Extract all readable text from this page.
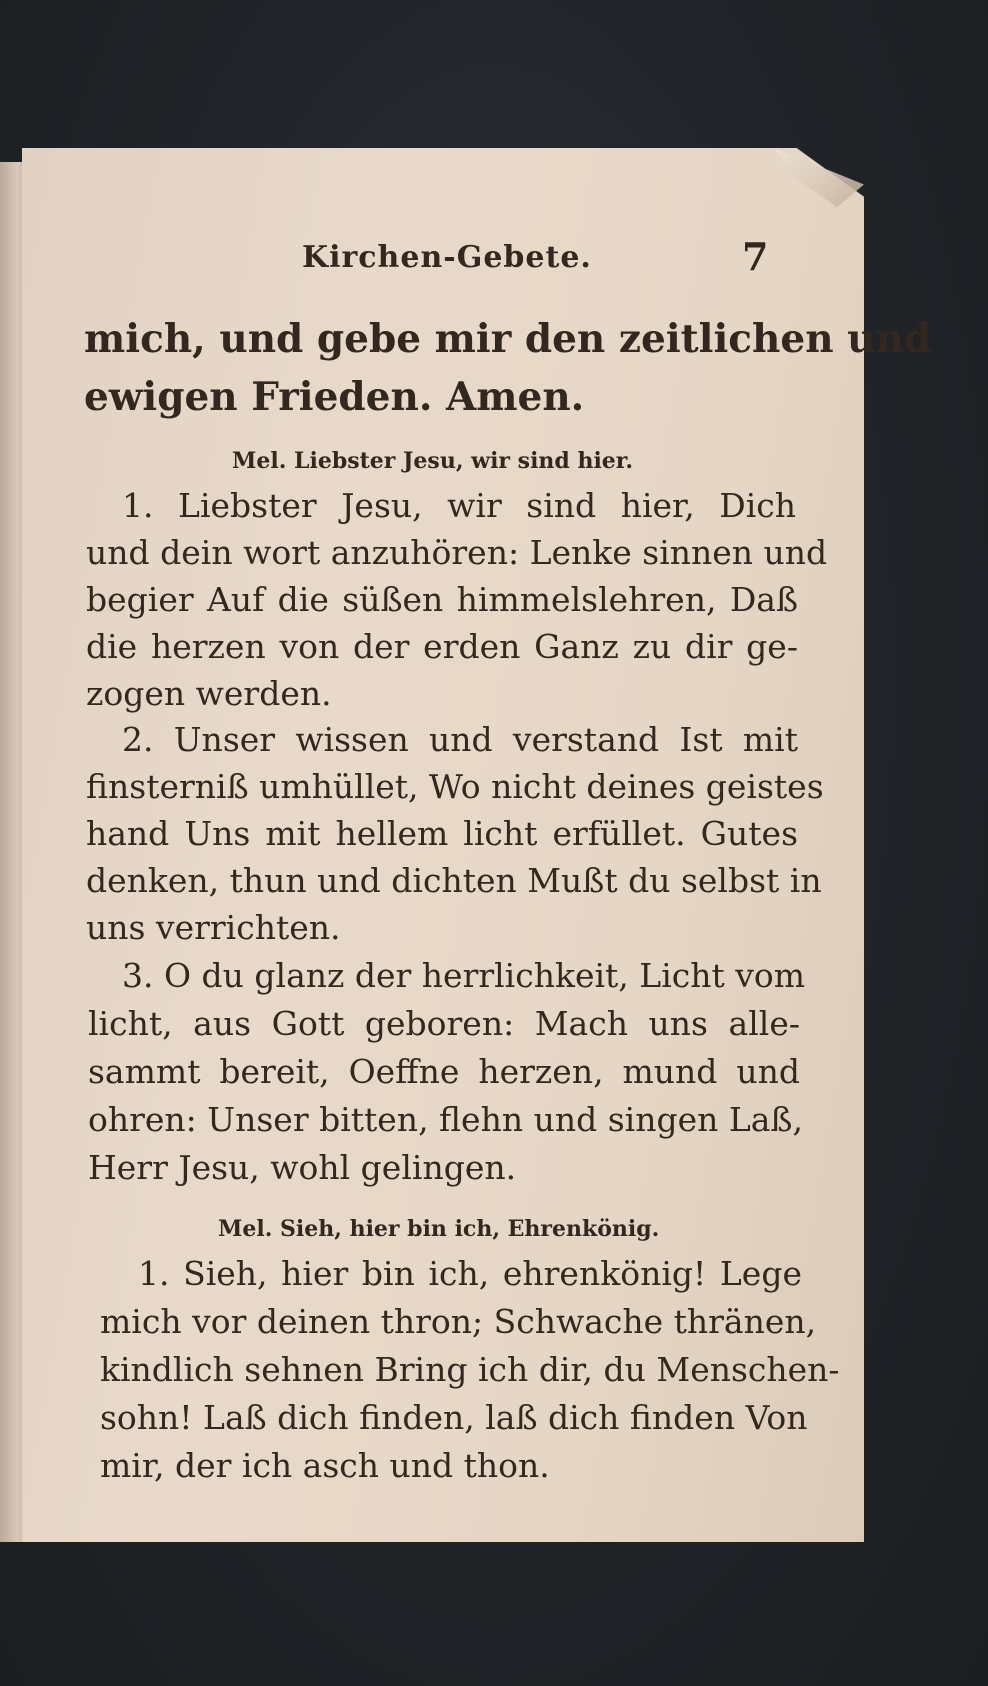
Kirchen-Gebete.	7
mich, und gebe mir den zeitlichen und
ewigen Frieden. Amen.
Mel. Liebster Jesu, wir sind hier.
1. Liebster Jesu, wir sind hier, Dich
und dein wort anzuhören: Lenke sinnen und
begier Auf die süßen himmelslehren, Daß
die herzen von der erden Ganz zu dir ge-
zogen werden.
2. Unser wissen und verstand Ist mit
finsterniß umhüllet, Wo nicht deines geistes
hand Uns mit hellem licht erfüllet. Gutes
denken, thun und dichten Mußt du selbst in
uns verrichten.
3. O du glanz der herrlichkeit, Licht vom
licht, aus Gott geboren: Mach uns alle-
sammt bereit, Oeffne herzen, mund und
ohren: Unser bitten, flehn und singen Laß,
Herr Jesu, wohl gelingen.
Mel. Sieh, hier bin ich, Ehrenkönig.
1. Sieh, hier bin ich, ehrenkönig! Lege
mich vor deinen thron; Schwache thränen,
kindlich sehnen Bring ich dir, du Menschen-
sohn! Laß dich finden, laß dich finden Von
mir, der ich asch und thon.
